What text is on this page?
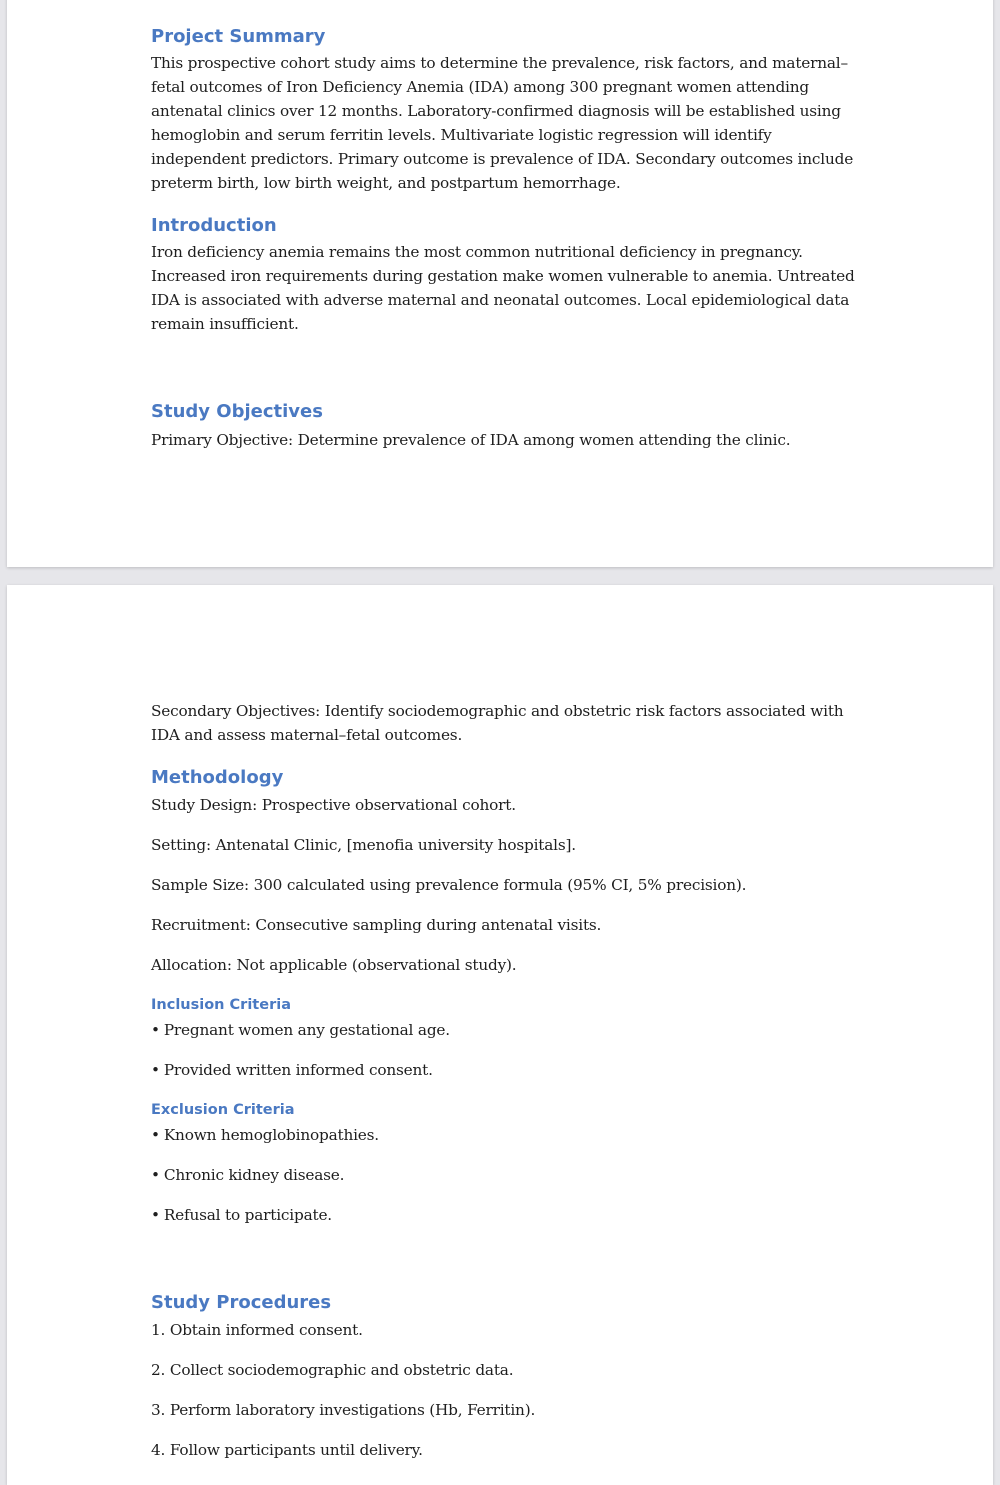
Project Summary
This prospective cohort study aims to determine the prevalence, risk factors, and maternal–fetal outcomes of Iron Deficiency Anemia (IDA) among 300 pregnant women attending antenatal clinics over 12 months. Laboratory-confirmed diagnosis will be established using hemoglobin and serum ferritin levels. Multivariate logistic regression will identify independent predictors. Primary outcome is prevalence of IDA. Secondary outcomes include preterm birth, low birth weight, and postpartum hemorrhage.
Introduction
Iron deficiency anemia remains the most common nutritional deficiency in pregnancy. Increased iron requirements during gestation make women vulnerable to anemia. Untreated IDA is associated with adverse maternal and neonatal outcomes. Local epidemiological data remain insufficient.
Study Objectives
Primary Objective: Determine prevalence of IDA among women attending the clinic.
Secondary Objectives: Identify sociodemographic and obstetric risk factors associated with IDA and assess maternal–fetal outcomes.
Methodology
Study Design: Prospective observational cohort.
Setting: Antenatal Clinic, [menofia university hospitals].
Sample Size: 300 calculated using prevalence formula (95% CI, 5% precision).
Recruitment: Consecutive sampling during antenatal visits.
Allocation: Not applicable (observational study).
Inclusion Criteria
• Pregnant women any gestational age.
• Provided written informed consent.
Exclusion Criteria
• Known hemoglobinopathies.
• Chronic kidney disease.
• Refusal to participate.
Study Procedures
1. Obtain informed consent.
2. Collect sociodemographic and obstetric data.
3. Perform laboratory investigations (Hb, Ferritin).
4. Follow participants until delivery.
